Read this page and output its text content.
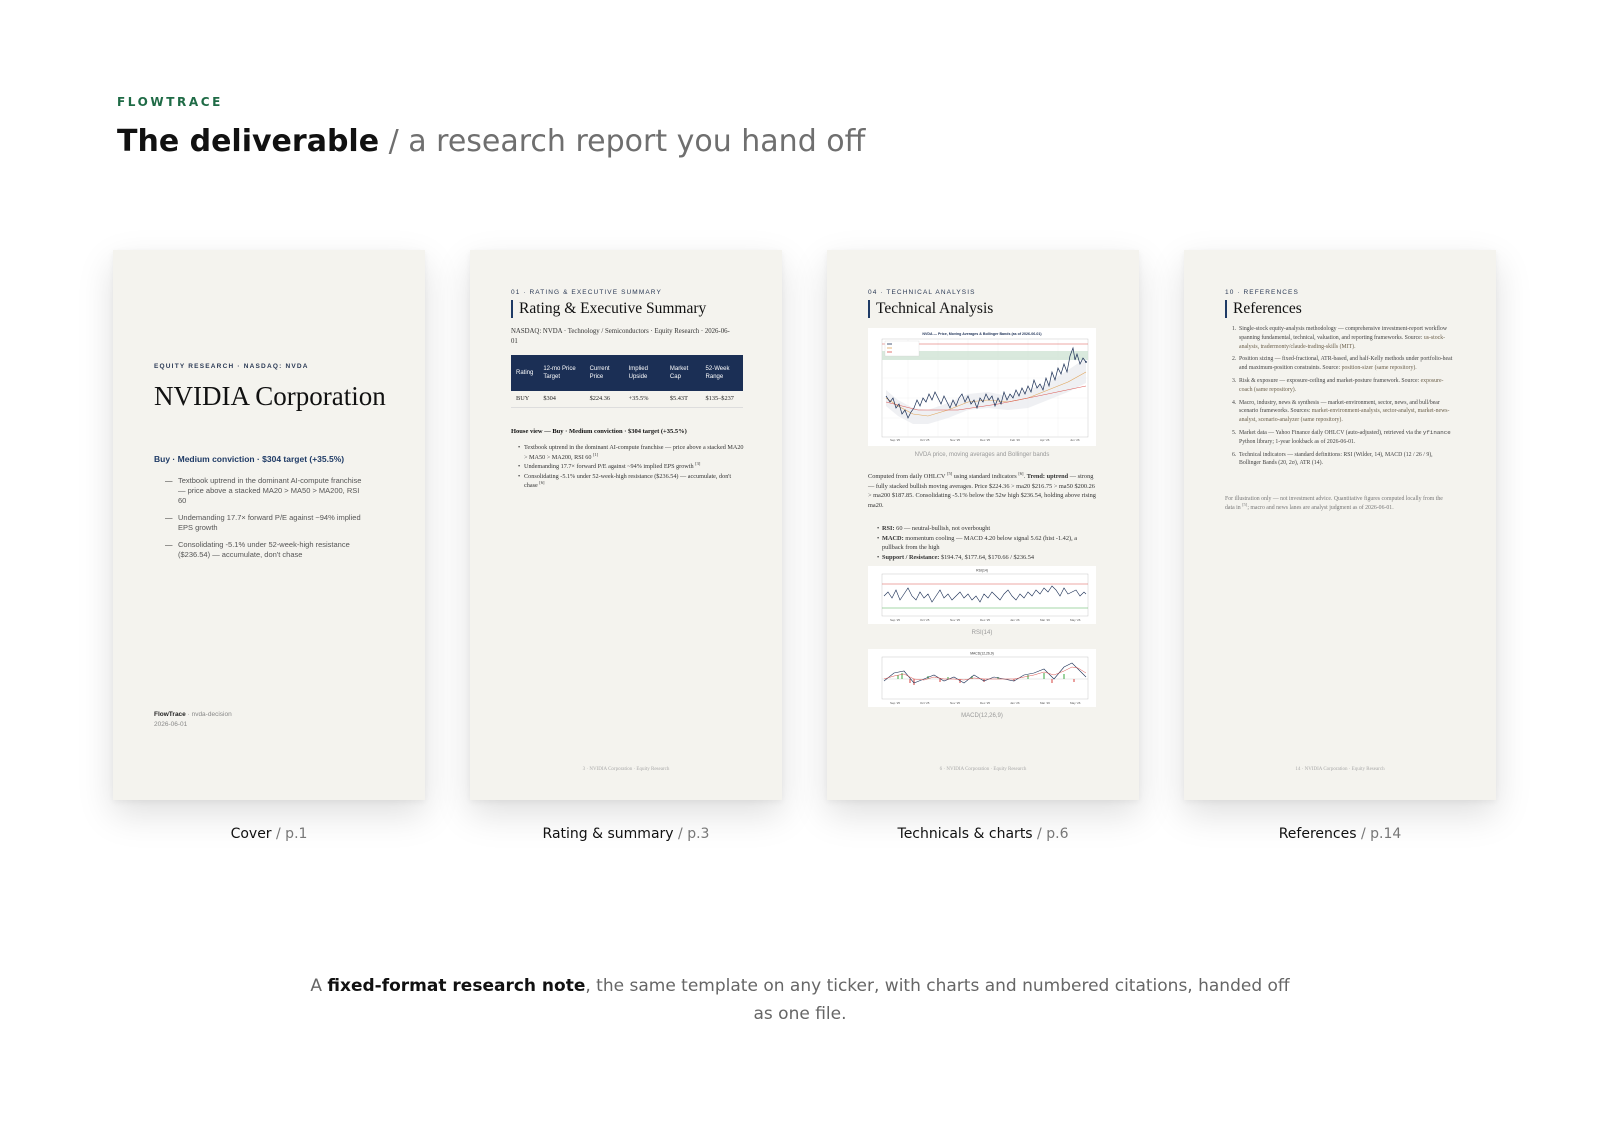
FLOWTRACE
The deliverable / a research report you hand off
EQUITY RESEARCH · NASDAQ: NVDA
NVIDIA Corporation
Buy · Medium conviction · $304 target (+35.5%)
— Textbook uptrend in the dominant AI-compute franchise — price above a stacked MA20 > MA50 > MA200, RSI 60
— Undemanding 17.7× forward P/E against ~94% implied EPS growth
— Consolidating -5.1% under 52-week-high resistance ($236.54) — accumulate, don't chase
FlowTrace · nvda-decision
2026-06-01
01 · RATING & EXECUTIVE SUMMARY
Rating & Executive Summary
NASDAQ: NVDA · Technology / Semiconductors · Equity Research · 2026-06-01
Rating	12-mo Price Target	Current Price	Implied Upside	Market Cap	52-Week Range
BUY	$304	$224.36	+35.5%	$5.43T	$135–$237
House view — Buy · Medium conviction · $304 target (+35.5%)
• Textbook uptrend in the dominant AI-compute franchise — price above a stacked MA20 > MA50 > MA200, RSI 60 [1]
• Undemanding 17.7× forward P/E against ~94% implied EPS growth [3]
• Consolidating -5.1% under 52-week-high resistance ($236.54) — accumulate, don't chase [6]
3 · NVIDIA Corporation · Equity Research
04 · TECHNICAL ANALYSIS
Technical Analysis
NVDA — Price, Moving Averages & Bollinger Bands (as of 2026-06-01)
Sep '25	Oct '25	Nov '25	Dec '25	Feb '26	Apr '26	Jun '26
NVDA price, moving averages and Bollinger bands
Computed from daily OHLCV [5] using standard indicators [6]. Trend: uptrend — strong — fully stacked bullish moving averages. Price $224.36 > ma20 $216.75 > ma50 $200.26 > ma200 $187.85. Consolidating -5.1% below the 52w high $236.54, holding above rising ma20.
• RSI: 60 — neutral-bullish, not overbought
• MACD: momentum cooling — MACD 4.20 below signal 5.62 (hist -1.42), a pullback from the high
• Support / Resistance: $194.74, $177.64, $170.66 / $236.54
RSI(14)
Sep '25	Oct '25	Nov '25	Dec '25	Jan '26	Mar '26	May '26
RSI(14)
MACD(12,26,9)
Sep '25	Oct '25	Nov '25	Dec '25	Jan '26	Mar '26	May '26
MACD(12,26,9)
6 · NVIDIA Corporation · Equity Research
10 · REFERENCES
References
1. Single-stock equity-analysis methodology — comprehensive investment-report workflow spanning fundamental, technical, valuation, and reporting frameworks. Source: us-stock-analysis, tradermonty/claude-trading-skills (MIT).
2. Position sizing — fixed-fractional, ATR-based, and half-Kelly methods under portfolio-heat and maximum-position constraints. Source: position-sizer (same repository).
3. Risk & exposure — exposure-ceiling and market-posture framework. Source: exposure-coach (same repository).
4. Macro, industry, news & synthesis — market-environment, sector, news, and bull/bear scenario frameworks. Sources: market-environment-analysis, sector-analyst, market-news-analyst, scenario-analyzer (same repository).
5. Market data — Yahoo Finance daily OHLCV (auto-adjusted), retrieved via the yfinance Python library; 1-year lookback as of 2026-06-01.
6. Technical indicators — standard definitions: RSI (Wilder, 14), MACD (12 / 26 / 9), Bollinger Bands (20, 2σ), ATR (14).
For illustration only — not investment advice. Quantitative figures computed locally from the data in [5]; macro and news lanes are analyst judgment as of 2026-06-01.
14 · NVIDIA Corporation · Equity Research
Cover / p.1	Rating & summary / p.3	Technicals & charts / p.6	References / p.14
A fixed-format research note, the same template on any ticker, with charts and numbered citations, handed off as one file.
